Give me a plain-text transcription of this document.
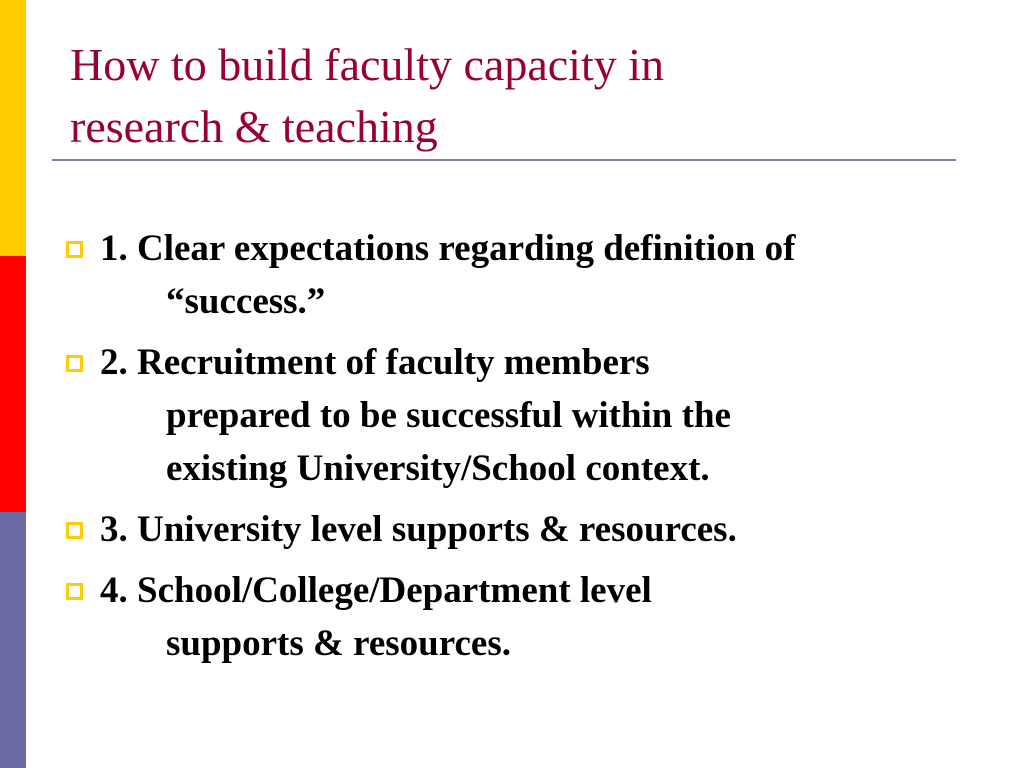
How to build faculty capacity in
research & teaching
1. Clear expectations regarding definition of
“success.”
2. Recruitment of faculty members
prepared to be successful within the
existing University/School context.
3. University level supports & resources.
4. School/College/Department level
supports & resources.
